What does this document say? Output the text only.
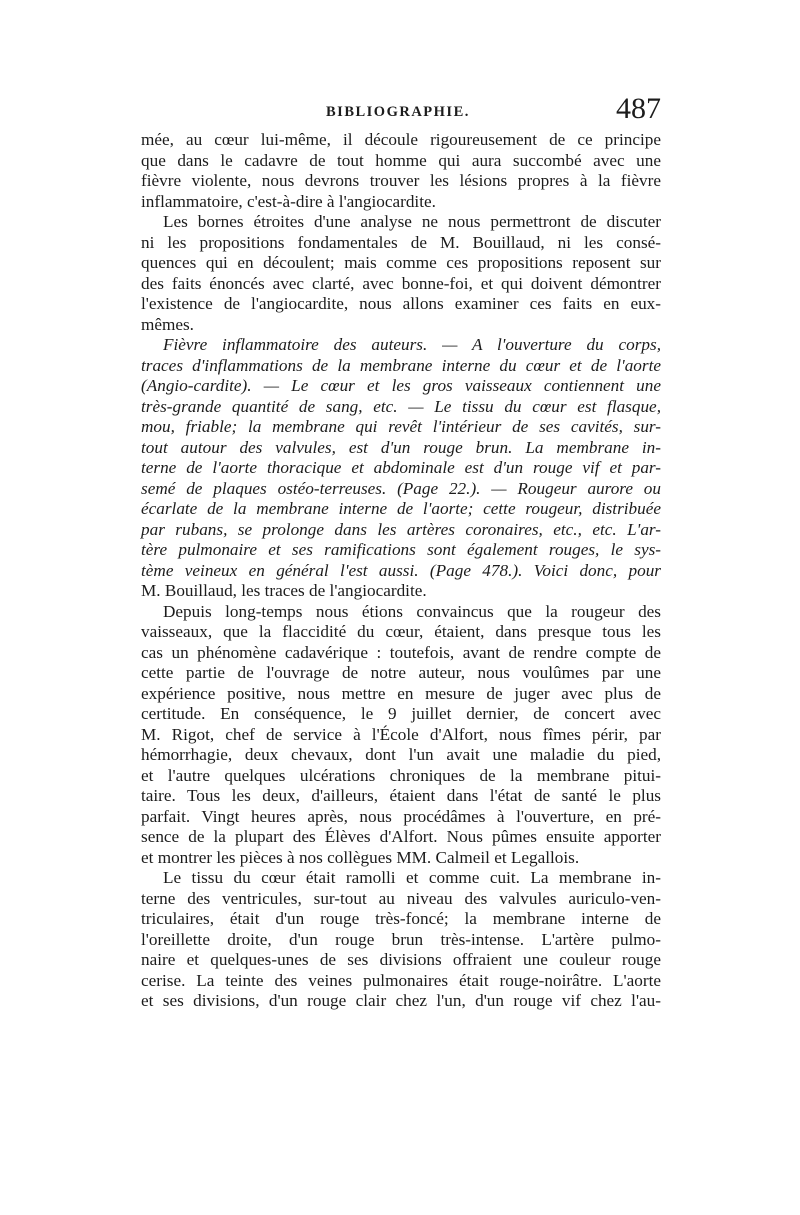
BIBLIOGRAPHIE.	487
mée, au cœur lui-même, il découle rigoureusement de ce principe
que dans le cadavre de tout homme qui aura succombé avec une
fièvre violente, nous devrons trouver les lésions propres à la fièvre
inflammatoire, c'est-à-dire à l'angiocardite.
Les bornes étroites d'une analyse ne nous permettront de discuter
ni les propositions fondamentales de M. Bouillaud, ni les consé-
quences qui en découlent; mais comme ces propositions reposent sur
des faits énoncés avec clarté, avec bonne-foi, et qui doivent démontrer
l'existence de l'angiocardite, nous allons examiner ces faits en eux-
mêmes.
Fièvre inflammatoire des auteurs. — A l'ouverture du corps,
traces d'inflammations de la membrane interne du cœur et de l'aorte
(Angio-cardite). — Le cœur et les gros vaisseaux contiennent une
très-grande quantité de sang, etc. — Le tissu du cœur est flasque,
mou, friable; la membrane qui revêt l'intérieur de ses cavités, sur-
tout autour des valvules, est d'un rouge brun. La membrane in-
terne de l'aorte thoracique et abdominale est d'un rouge vif et par-
semé de plaques ostéo-terreuses. (Page 22.). — Rougeur aurore ou
écarlate de la membrane interne de l'aorte; cette rougeur, distribuée
par rubans, se prolonge dans les artères coronaires, etc., etc. L'ar-
tère pulmonaire et ses ramifications sont également rouges, le sys-
tème veineux en général l'est aussi. (Page 478.). Voici donc, pour
M. Bouillaud, les traces de l'angiocardite.
Depuis long-temps nous étions convaincus que la rougeur des
vaisseaux, que la flaccidité du cœur, étaient, dans presque tous les
cas un phénomène cadavérique : toutefois, avant de rendre compte de
cette partie de l'ouvrage de notre auteur, nous voulûmes par une
expérience positive, nous mettre en mesure de juger avec plus de
certitude. En conséquence, le 9 juillet dernier, de concert avec
M. Rigot, chef de service à l'École d'Alfort, nous fîmes périr, par
hémorrhagie, deux chevaux, dont l'un avait une maladie du pied,
et l'autre quelques ulcérations chroniques de la membrane pitui-
taire. Tous les deux, d'ailleurs, étaient dans l'état de santé le plus
parfait. Vingt heures après, nous procédâmes à l'ouverture, en pré-
sence de la plupart des Élèves d'Alfort. Nous pûmes ensuite apporter
et montrer les pièces à nos collègues MM. Calmeil et Legallois.
Le tissu du cœur était ramolli et comme cuit. La membrane in-
terne des ventricules, sur-tout au niveau des valvules auriculo-ven-
triculaires, était d'un rouge très-foncé; la membrane interne de
l'oreillette droite, d'un rouge brun très-intense. L'artère pulmo-
naire et quelques-unes de ses divisions offraient une couleur rouge
cerise. La teinte des veines pulmonaires était rouge-noirâtre. L'aorte
et ses divisions, d'un rouge clair chez l'un, d'un rouge vif chez l'au-
